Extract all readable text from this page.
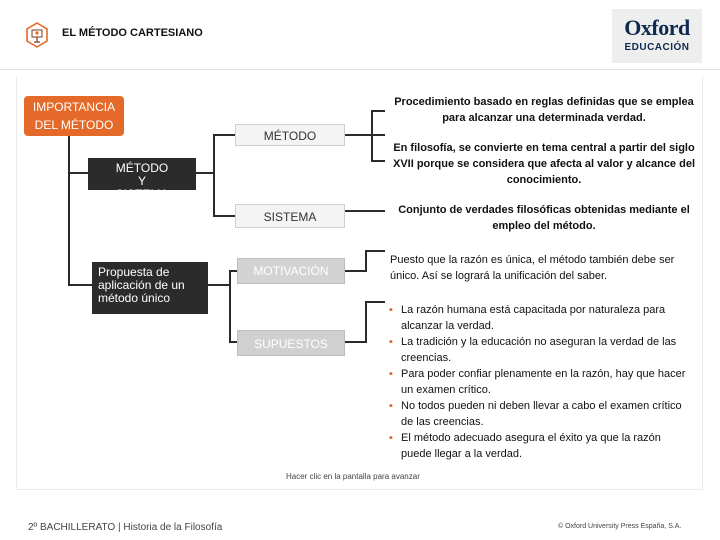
EL MÉTODO CARTESIANO	Oxford
EDUCACIÓN
IMPORTANCIA DEL MÉTODO
MÉTODO Y SISTEMA
Propuesta de aplicación de un método único
MÉTODO
SISTEMA
MOTIVACIÓN
SUPUESTOS
Procedimiento basado en reglas definidas que se emplea para alcanzar una determinada verdad.
En filosofía, se convierte en tema central a partir del siglo XVII porque se considera que afecta al valor y alcance del conocimiento.
Conjunto de verdades filosóficas obtenidas mediante el empleo del método.
Puesto que la razón es única, el método también debe ser único. Así se logrará la unificación del saber.
▪ La razón humana está capacitada por naturaleza para alcanzar la verdad.
▪ La tradición y la educación no aseguran la verdad de las creencias.
▪ Para poder confiar plenamente en la razón, hay que hacer un examen crítico.
▪ No todos pueden ni deben llevar a cabo el examen crítico de las creencias.
▪ El método adecuado asegura el éxito ya que la razón puede llegar a la verdad.
Hacer clic en la pantalla para avanzar
2º BACHILLERATO | Historia de la Filosofía	© Oxford University Press España, S.A.
